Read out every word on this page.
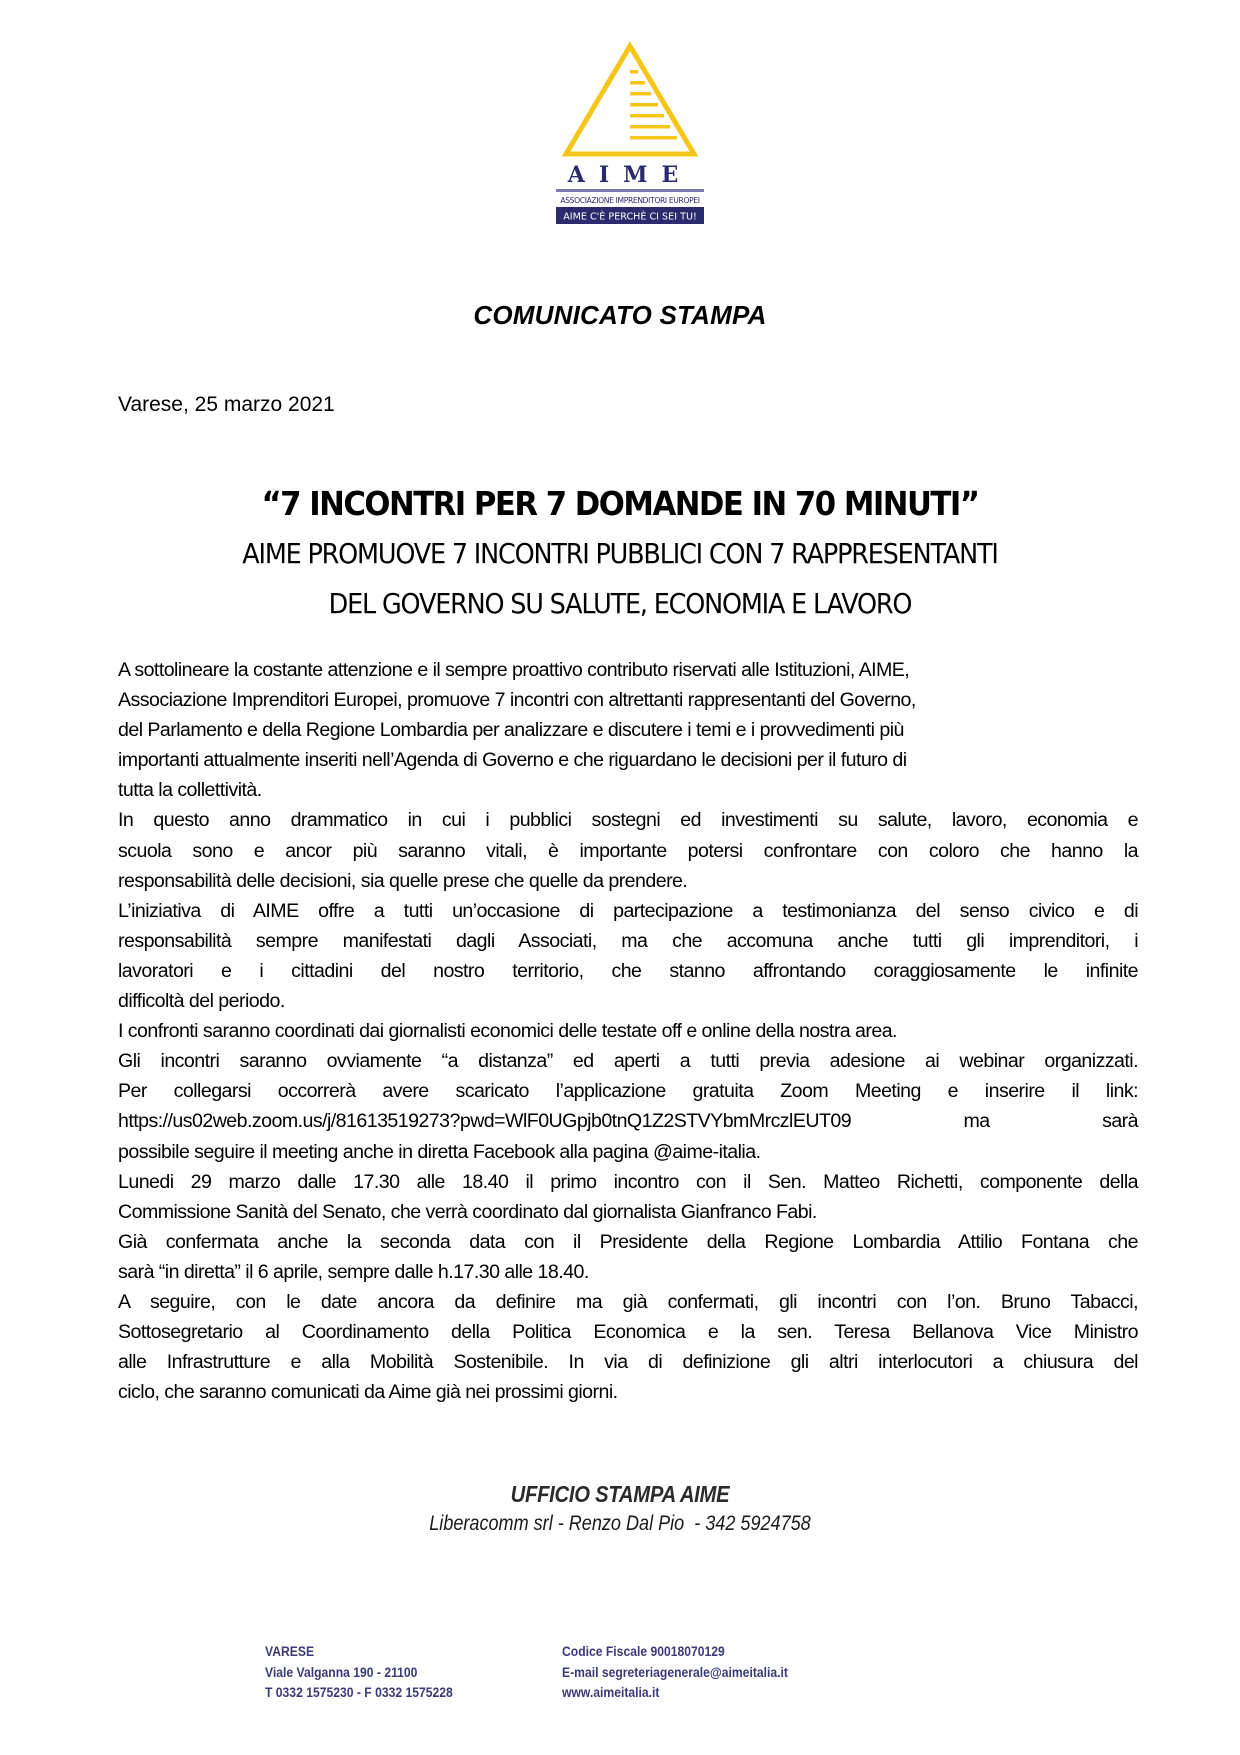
AIME
ASSOCIAZIONE IMPRENDITORI EUROPEI
AIME C'È PERCHÈ CI SEI TU!
COMUNICATO STAMPA
Varese, 25 marzo 2021
“7 INCONTRI PER 7 DOMANDE IN 70 MINUTI”
AIME PROMUOVE 7 INCONTRI PUBBLICI CON 7 RAPPRESENTANTI
DEL GOVERNO SU SALUTE, ECONOMIA E LAVORO
A sottolineare la costante attenzione e il sempre proattivo contributo riservati alle Istituzioni, AIME,
Associazione Imprenditori Europei, promuove 7 incontri con altrettanti rappresentanti del Governo,
del Parlamento e della Regione Lombardia per analizzare e discutere i temi e i provvedimenti più
importanti attualmente inseriti nell’Agenda di Governo e che riguardano le decisioni per il futuro di
tutta la collettività.
In questo anno drammatico in cui i pubblici sostegni ed investimenti su salute, lavoro, economia e
scuola sono e ancor più saranno vitali, è importante potersi confrontare con coloro che hanno la
responsabilità delle decisioni, sia quelle prese che quelle da prendere.
L’iniziativa di AIME offre a tutti un’occasione di partecipazione a testimonianza del senso civico e di
responsabilità sempre manifestati dagli Associati, ma che accomuna anche tutti gli imprenditori, i
lavoratori e i cittadini del nostro territorio, che stanno affrontando coraggiosamente le infinite
difficoltà del periodo.
I confronti saranno coordinati dai giornalisti economici delle testate off e online della nostra area.
Gli incontri saranno ovviamente “a distanza” ed aperti a tutti previa adesione ai webinar organizzati.
Per collegarsi occorrerà avere scaricato l’applicazione gratuita Zoom Meeting e inserire il link:
https://us02web.zoom.us/j/81613519273?pwd=WlF0UGpjb0tnQ1Z2STVYbmMrczlEUT09 ma sarà
possibile seguire il meeting anche in diretta Facebook alla pagina @aime-italia.
Lunedi 29 marzo dalle 17.30 alle 18.40 il primo incontro con il Sen. Matteo Richetti, componente della
Commissione Sanità del Senato, che verrà coordinato dal giornalista Gianfranco Fabi.
Già confermata anche la seconda data con il Presidente della Regione Lombardia Attilio Fontana che
sarà “in diretta” il 6 aprile, sempre dalle h.17.30 alle 18.40.
A seguire, con le date ancora da definire ma già confermati, gli incontri con l’on. Bruno Tabacci,
Sottosegretario al Coordinamento della Politica Economica e la sen. Teresa Bellanova Vice Ministro
alle Infrastrutture e alla Mobilità Sostenibile. In via di definizione gli altri interlocutori a chiusura del
ciclo, che saranno comunicati da Aime già nei prossimi giorni.
UFFICIO STAMPA AIME
Liberacomm srl - Renzo Dal Pio  - 342 5924758
VARESE
Viale Valganna 190 - 21100
T 0332 1575230 - F 0332 1575228
Codice Fiscale 90018070129
E-mail segreteriagenerale@aimeitalia.it
www.aimeitalia.it
